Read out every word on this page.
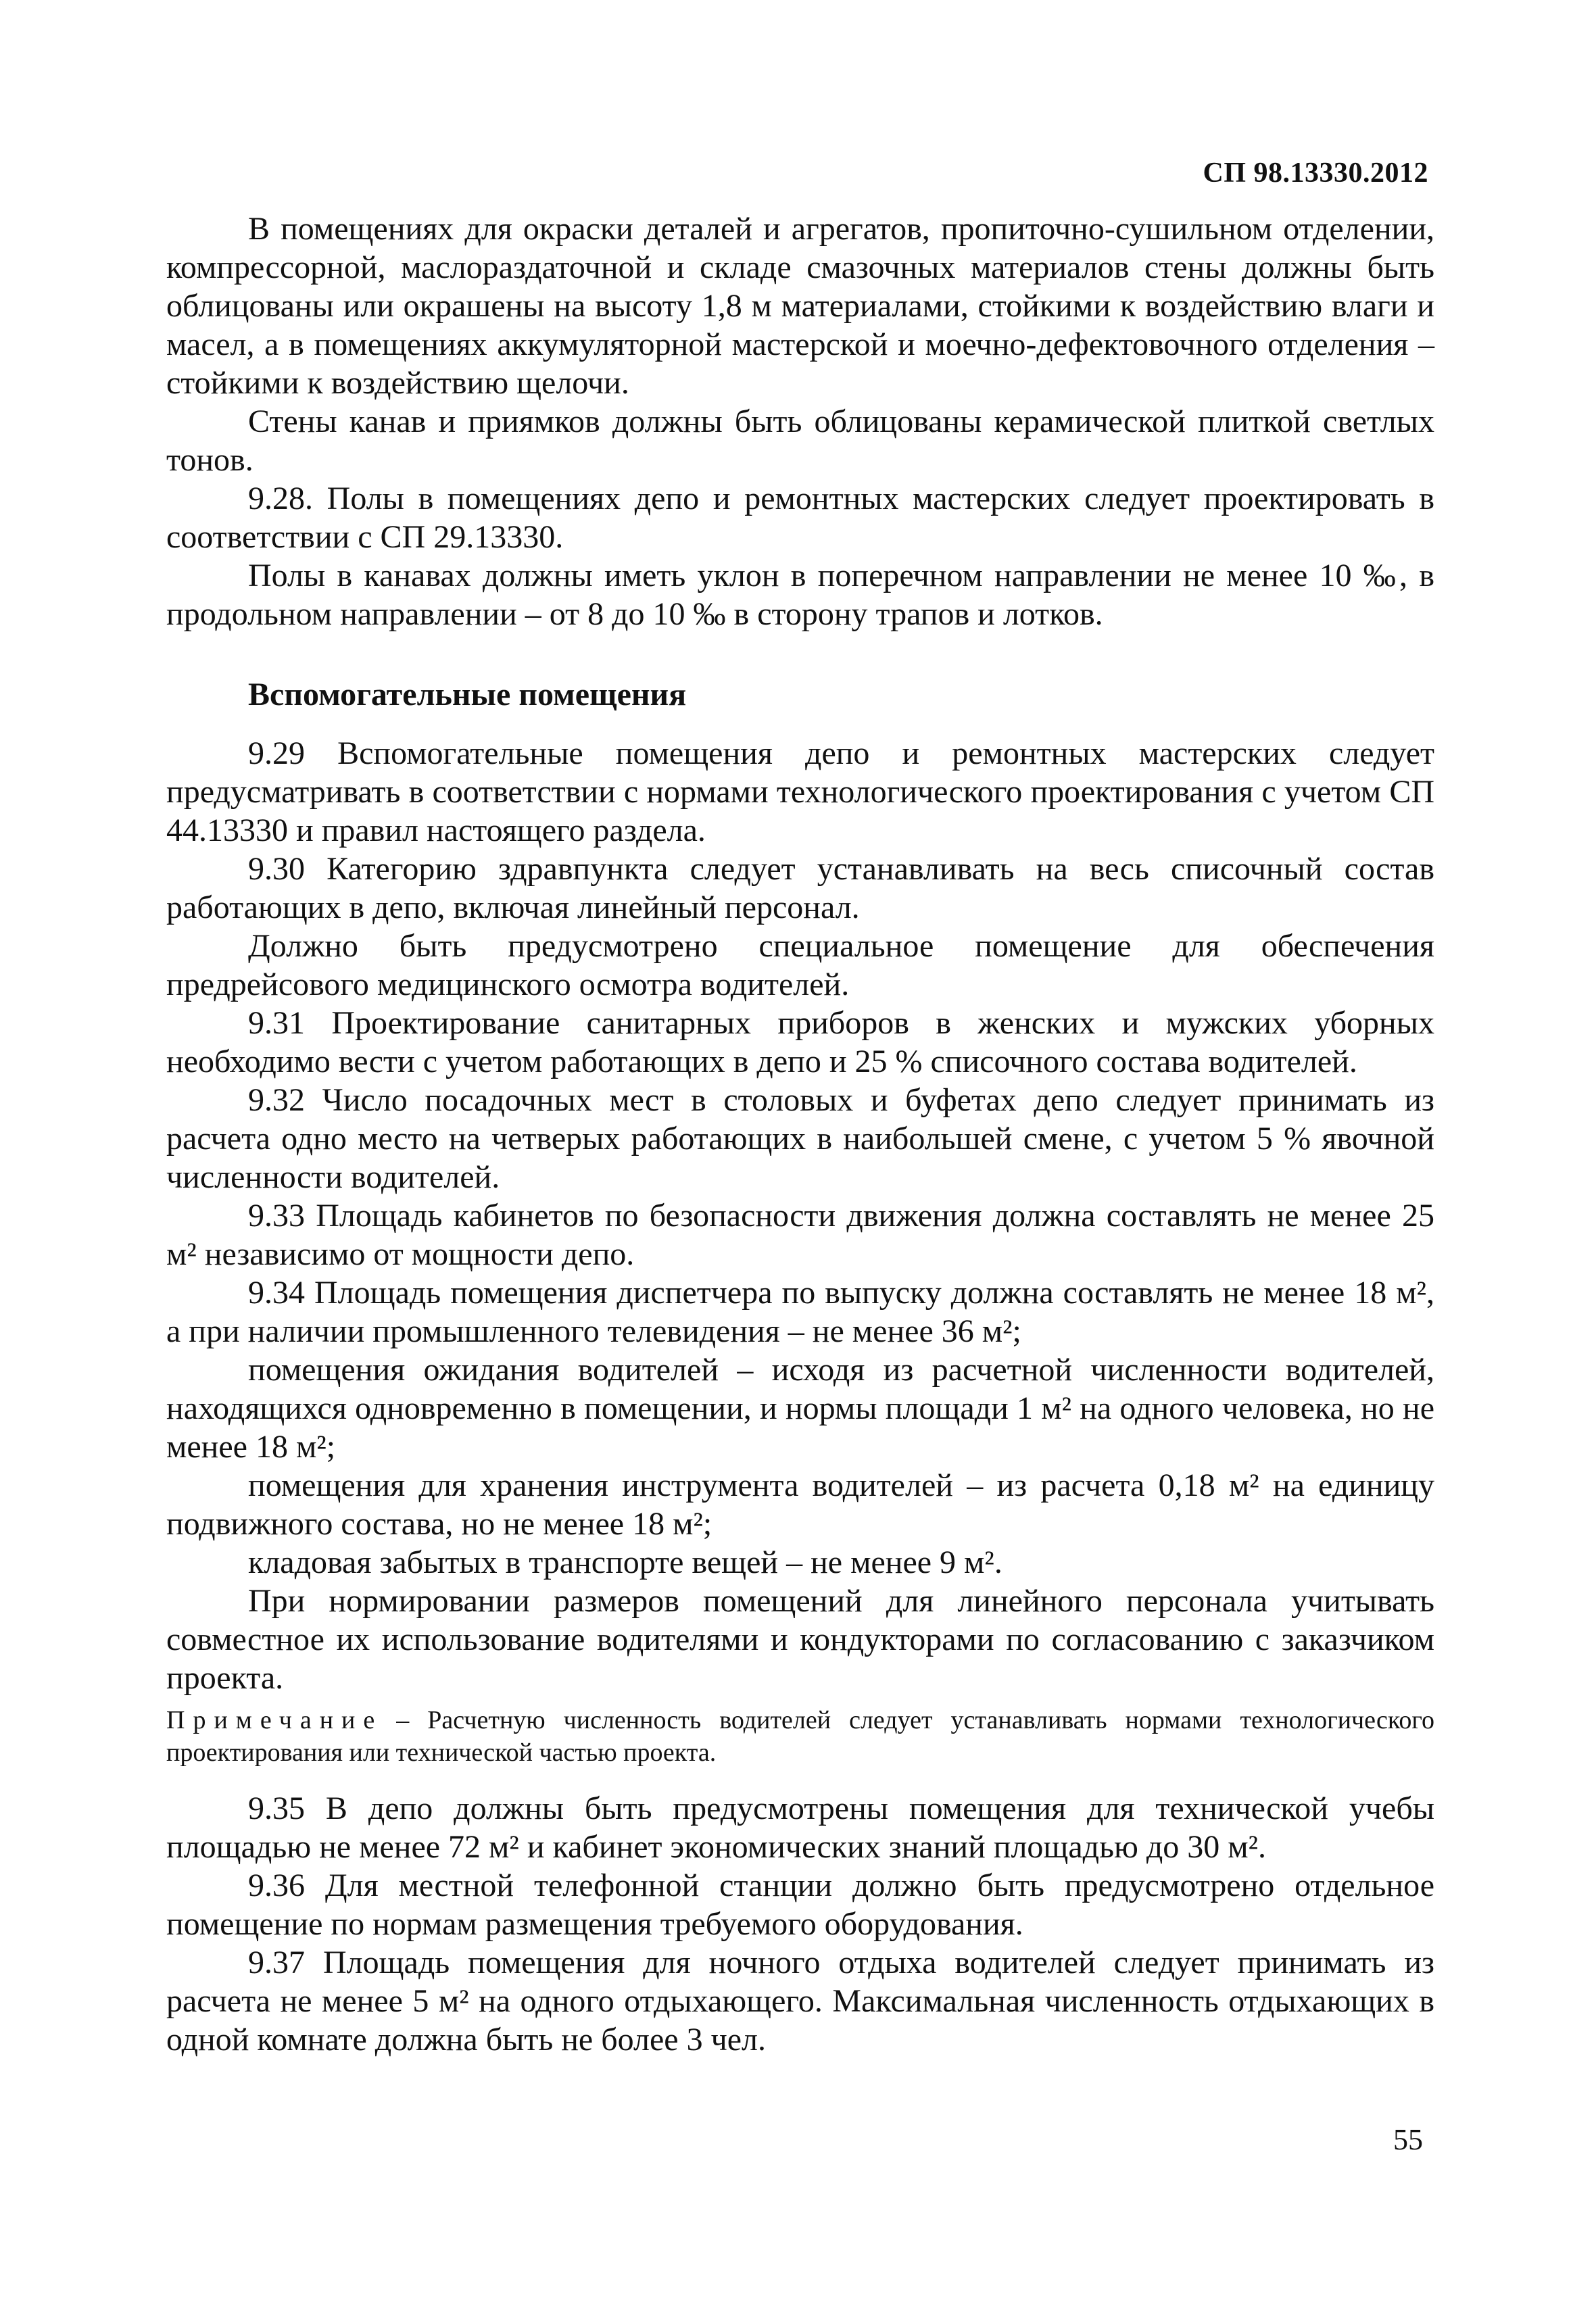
СП 98.13330.2012

В помещениях для окраски деталей и агрегатов, пропиточно-сушильном отделении, компрессорной, маслораздаточной и складе смазочных материалов стены должны быть облицованы или окрашены на высоту 1,8 м материалами, стойкими к воздействию влаги и масел, а в помещениях аккумуляторной мастерской и моечно-дефектовочного отделения – стойкими к воздействию щелочи.

Стены канав и приямков должны быть облицованы керамической плиткой светлых тонов.

9.28. Полы в помещениях депо и ремонтных мастерских следует проектировать в соответствии с СП 29.13330.

Полы в канавах должны иметь уклон в поперечном направлении не менее 10 ‰, в продольном направлении – от 8 до 10 ‰ в сторону трапов и лотков.

Вспомогательные помещения

9.29 Вспомогательные помещения депо и ремонтных мастерских следует предусматривать в соответствии с нормами технологического проектирования с учетом СП 44.13330 и правил настоящего раздела.

9.30 Категорию здравпункта следует устанавливать на весь списочный состав работающих в депо, включая линейный персонал.

Должно быть предусмотрено специальное помещение для обеспечения предрейсового медицинского осмотра водителей.

9.31 Проектирование санитарных приборов в женских и мужских уборных необходимо вести с учетом работающих в депо и 25 % списочного состава водителей.

9.32 Число посадочных мест в столовых и буфетах депо следует принимать из расчета одно место на четверых работающих в наибольшей смене, с учетом 5 % явочной численности водителей.

9.33 Площадь кабинетов по безопасности движения должна составлять не менее 25 м² независимо от мощности депо.

9.34 Площадь помещения диспетчера по выпуску должна составлять не менее 18 м², а при наличии промышленного телевидения – не менее 36 м²;

помещения ожидания водителей – исходя из расчетной численности водителей, находящихся одновременно в помещении, и нормы площади 1 м² на одного человека, но не менее 18 м²;

помещения для хранения инструмента водителей – из расчета 0,18 м² на единицу подвижного состава, но не менее 18 м²;

кладовая забытых в транспорте вещей – не менее 9 м².

При нормировании размеров помещений для линейного персонала учитывать совместное их использование водителями и кондукторами по согласованию с заказчиком проекта.

Примечание – Расчетную численность водителей следует устанавливать нормами технологического проектирования или технической частью проекта.

9.35 В депо должны быть предусмотрены помещения для технической учебы площадью не менее 72 м² и кабинет экономических знаний площадью до 30 м².

9.36 Для местной телефонной станции должно быть предусмотрено отдельное помещение по нормам размещения требуемого оборудования.

9.37 Площадь помещения для ночного отдыха водителей следует принимать из расчета не менее 5 м² на одного отдыхающего. Максимальная численность отдыхающих в одной комнате должна быть не более 3 чел.

55
